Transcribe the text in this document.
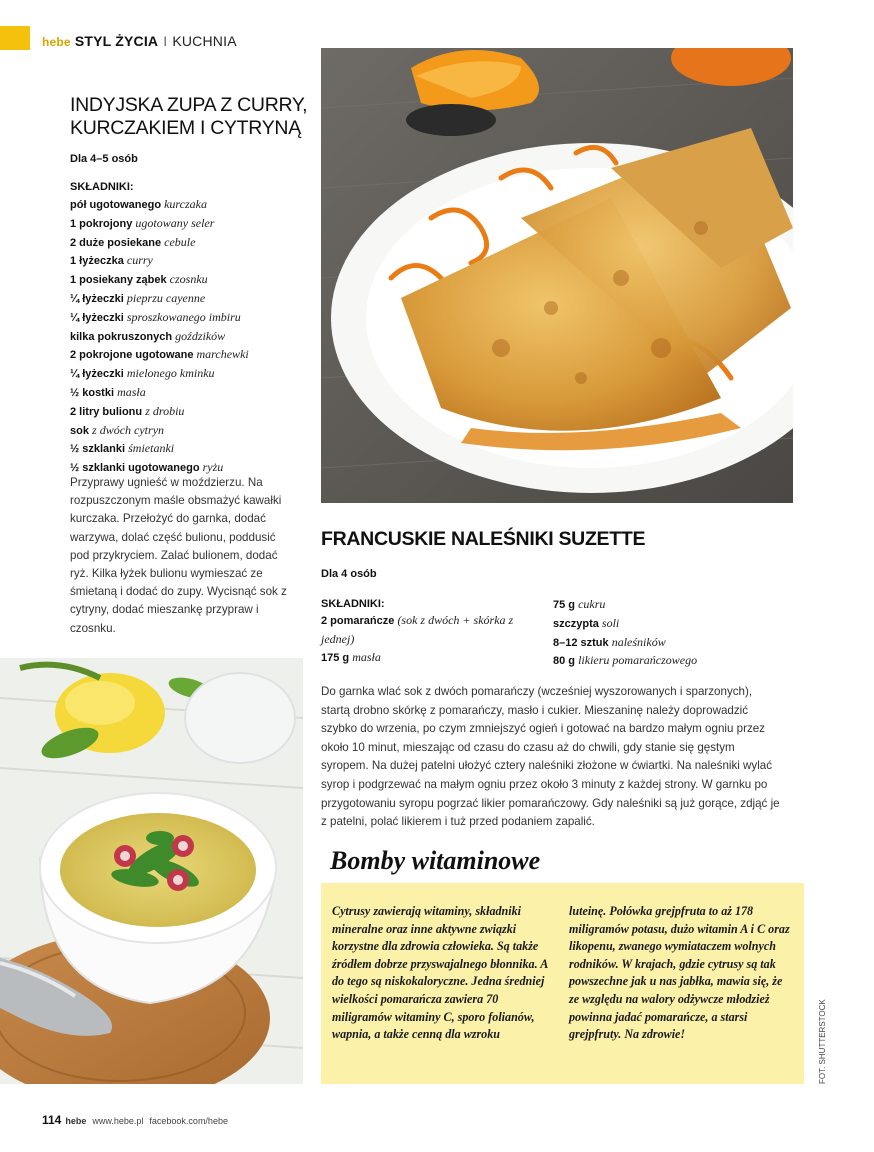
hebe STYL ŻYCIA I KUCHNIA
INDYJSKA ZUPA Z CURRY, KURCZAKIEM I CYTRYNĄ
Dla 4–5 osób
SKŁADNIKI:
pół ugotowanego kurczaka
1 pokrojony ugotowany seler
2 duże posiekane cebule
1 łyżeczka curry
1 posiekany ząbek czosnku
¼ łyżeczki pieprzu cayenne
¼ łyżeczki sproszkowanego imbiru
kilka pokruszonych goździków
2 pokrojone ugotowane marchewki
¼ łyżeczki mielonego kminku
½ kostki masła
2 litry bulionu z drobiu
sok z dwóch cytryn
½ szklanki śmietanki
½ szklanki ugotowanego ryżu

Przyprawy ugnieść w moździerzu. Na rozpuszczonym maśle obsmażyć kawałki kurczaka. Przełożyć do garnka, dodać warzywa, dolać część bulionu, poddusić pod przykryciem. Zalać bulionem, dodać ryż. Kilka łyżek bulionu wymieszać ze śmietaną i dodać do zupy. Wycisnąć sok z cytryny, dodać mieszankę przypraw i czosnku.

FRANCUSKIE NALEŚNIKI SUZETTE
Dla 4 osób
SKŁADNIKI:
2 pomarańcze (sok z dwóch + skórka z jednej)
175 g masła
75 g cukru
szczypta soli
8–12 sztuk naleśników
80 g likieru pomarańczowego

Do garnka wlać sok z dwóch pomarańczy (wcześniej wyszorowanych i sparzonych), startą drobno skórkę z pomarańczy, masło i cukier. Mieszaninę należy doprowadzić szybko do wrzenia, po czym zmniejszyć ogień i gotować na bardzo małym ogniu przez około 10 minut, mieszając od czasu do czasu aż do chwili, gdy stanie się gęstym syropem. Na dużej patelni ułożyć cztery naleśniki złożone w ćwiartki. Na naleśniki wylać syrop i podgrzewać na małym ogniu przez około 3 minuty z każdej strony. W garnku po przygotowaniu syropu pogrzać likier pomarańczowy. Gdy naleśniki są już gorące, zdjąć je z patelni, polać likierem i tuż przed podaniem zapalić.

Bomby witaminowe

Cytrusy zawierają witaminy, składniki mineralne oraz inne aktywne związki korzystne dla zdrowia człowieka. Są także źródłem dobrze przyswajalnego błonnika. A do tego są niskokaloryczne. Jedna średniej wielkości pomarańcza zawiera 70 miligramów witaminy C, sporo folianów, wapnia, a także cenną dla wzroku

luteinę. Połówka grejpfruta to aż 178 miligramów potasu, dużo witamin A i C oraz likopenu, zwanego wymiataczem wolnych rodników. W krajach, gdzie cytrusy są tak powszechne jak u nas jabłka, mawia się, że ze względu na walory odżywcze młodzież powinna jadać pomarańcze, a starsi grejpfruty. Na zdrowie!	FOT. SHUTTERSTOCK
114 hebe www.hebe.pl facebook.com/hebe
